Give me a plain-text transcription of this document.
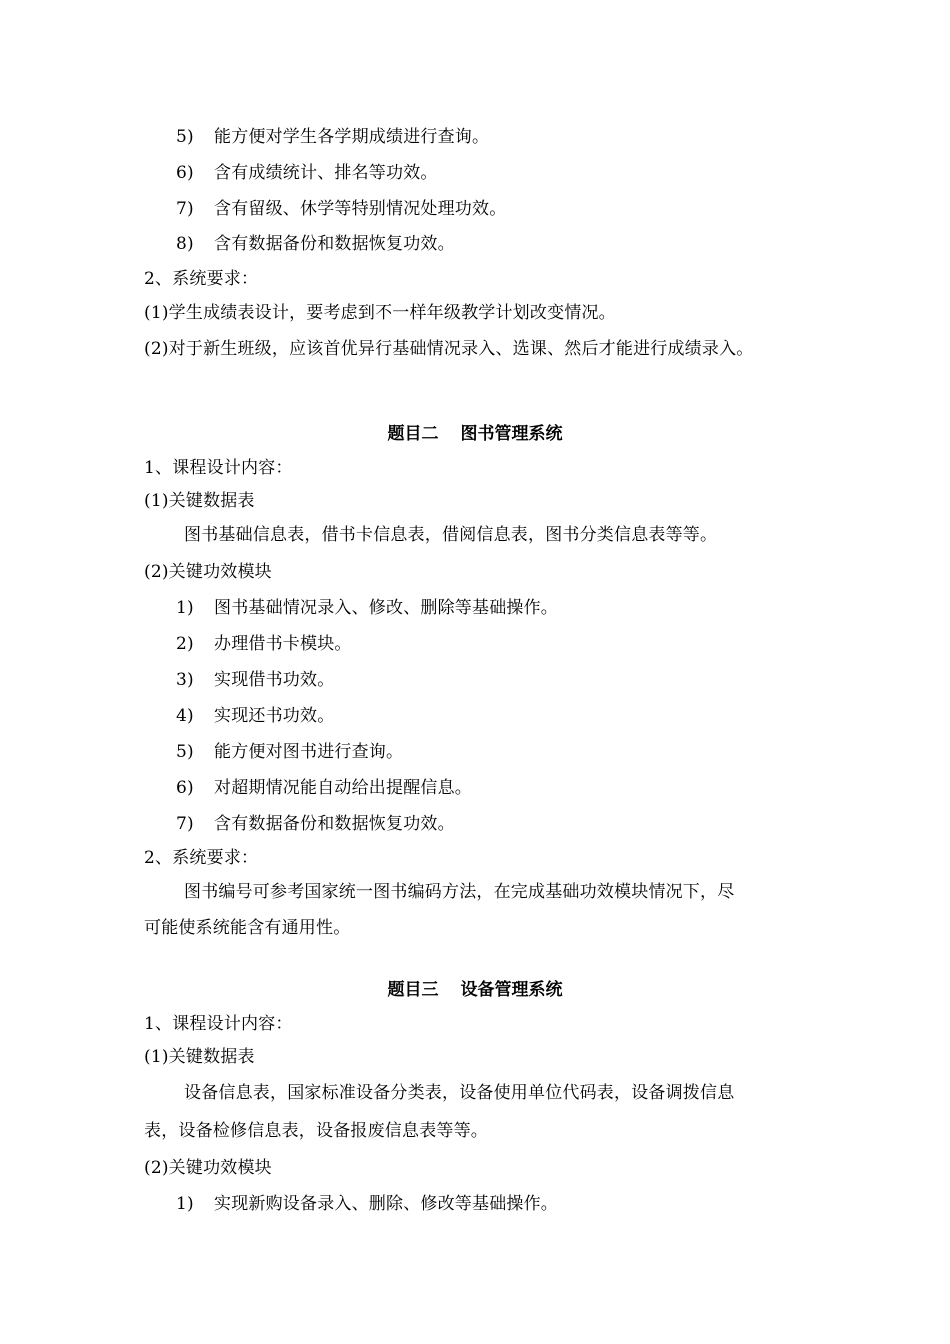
5) 能方便对学生各学期成绩进行查询。
6) 含有成绩统计、排名等功效。
7) 含有留级、休学等特别情况处理功效。
8) 含有数据备份和数据恢复功效。
2、系统要求：
(1)学生成绩表设计，要考虑到不一样年级教学计划改变情况。
(2)对于新生班级，应该首优异行基础情况录入、选课、然后才能进行成绩录入。
题目二 图书管理系统
1、课程设计内容：
(1)关键数据表
图书基础信息表，借书卡信息表，借阅信息表，图书分类信息表等等。
(2)关键功效模块
1) 图书基础情况录入、修改、删除等基础操作。
2) 办理借书卡模块。
3) 实现借书功效。
4) 实现还书功效。
5) 能方便对图书进行查询。
6) 对超期情况能自动给出提醒信息。
7) 含有数据备份和数据恢复功效。
2、系统要求：
图书编号可参考国家统一图书编码方法，在完成基础功效模块情况下，尽
可能使系统能含有通用性。
题目三 设备管理系统
1、课程设计内容：
(1)关键数据表
设备信息表，国家标准设备分类表，设备使用单位代码表，设备调拨信息
表，设备检修信息表，设备报废信息表等等。
(2)关键功效模块
1) 实现新购设备录入、删除、修改等基础操作。
